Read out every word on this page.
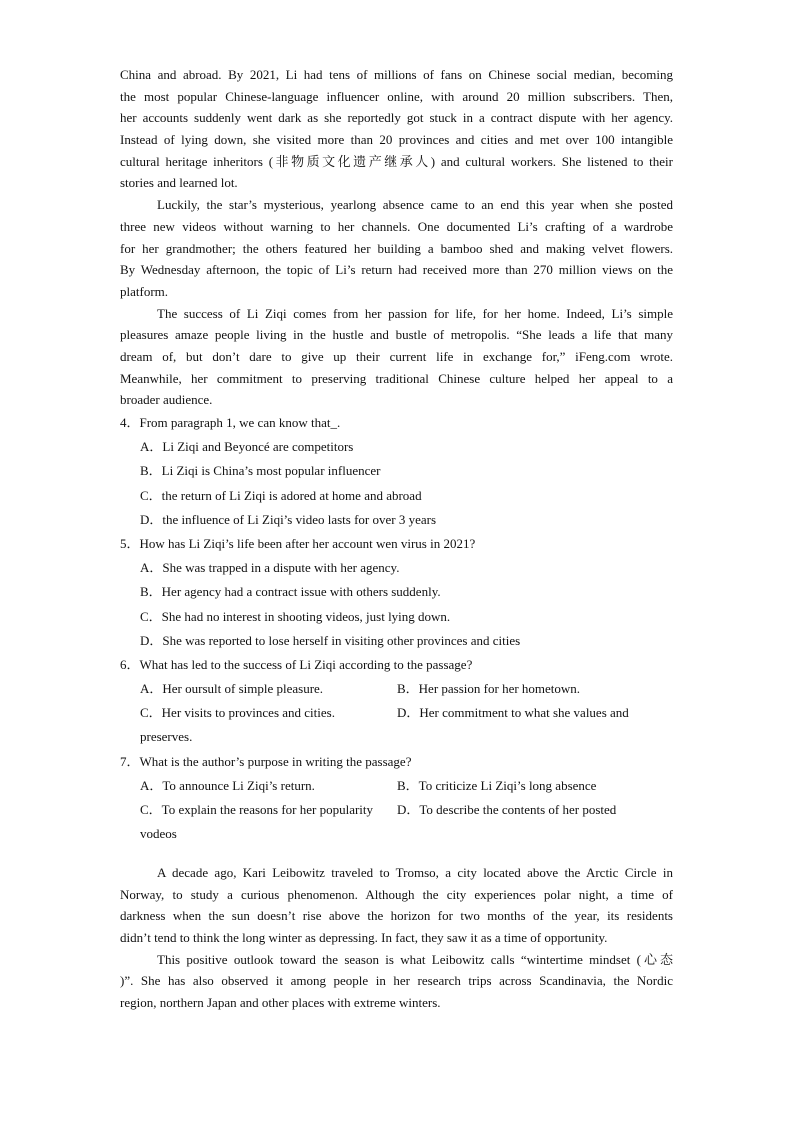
China and abroad. By 2021, Li had tens of millions of fans on Chinese social median, becoming
the most popular Chinese-language influencer online, with around 20 million subscribers. Then,
her accounts suddenly went dark as she reportedly got stuck in a contract dispute with her agency.
Instead of lying down, she visited more than 20 provinces and cities and met over 100 intangible
cultural heritage inheritors (非物质文化遗产继承人) and cultural workers. She listened to their
stories and learned lot.
Luckily, the star’s mysterious, yearlong absence came to an end this year when she posted
three new videos without warning to her channels. One documented Li’s crafting of a wardrobe
for her grandmother; the others featured her building a bamboo shed and making velvet flowers.
By Wednesday afternoon, the topic of Li’s return had received more than 270 million views on the
platform.
The success of Li Ziqi comes from her passion for life, for her home. Indeed, Li’s simple
pleasures amaze people living in the hustle and bustle of metropolis. “She leads a life that many
dream of, but don’t dare to give up their current life in exchange for,” iFeng.com wrote.
Meanwhile, her commitment to preserving traditional Chinese culture helped her appeal to a
broader audience.
4．From paragraph 1, we can know that_.
A．Li Ziqi and Beyoncé are competitors
B．Li Ziqi is China’s most popular influencer
C．the return of Li Ziqi is adored at home and abroad
D．the influence of Li Ziqi’s video lasts for over 3 years
5．How has Li Ziqi’s life been after her account wen virus in 2021?
A．She was trapped in a dispute with her agency.
B．Her agency had a contract issue with others suddenly.
C．She had no interest in shooting videos, just lying down.
D．She was reported to lose herself in visiting other provinces and cities
6．What has led to the success of Li Ziqi according to the passage?
A．Her oursult of simple pleasure.	B．Her passion for her hometown.
C．Her visits to provinces and cities.	D．Her commitment to what she values and
preserves.
7．What is the author’s purpose in writing the passage?
A．To announce Li Ziqi’s return.	B．To criticize Li Ziqi’s long absence
C．To explain the reasons for her popularity	D．To describe the contents of her posted
vodeos
A decade ago, Kari Leibowitz traveled to Tromso, a city located above the Arctic Circle in
Norway, to study a curious phenomenon. Although the city experiences polar night, a time of
darkness when the sun doesn’t rise above the horizon for two months of the year, its residents
didn’t tend to think the long winter as depressing. In fact, they saw it as a time of opportunity.
This positive outlook toward the season is what Leibowitz calls “wintertime mindset (心态
)”. She has also observed it among people in her research trips across Scandinavia, the Nordic
region, northern Japan and other places with extreme winters.
